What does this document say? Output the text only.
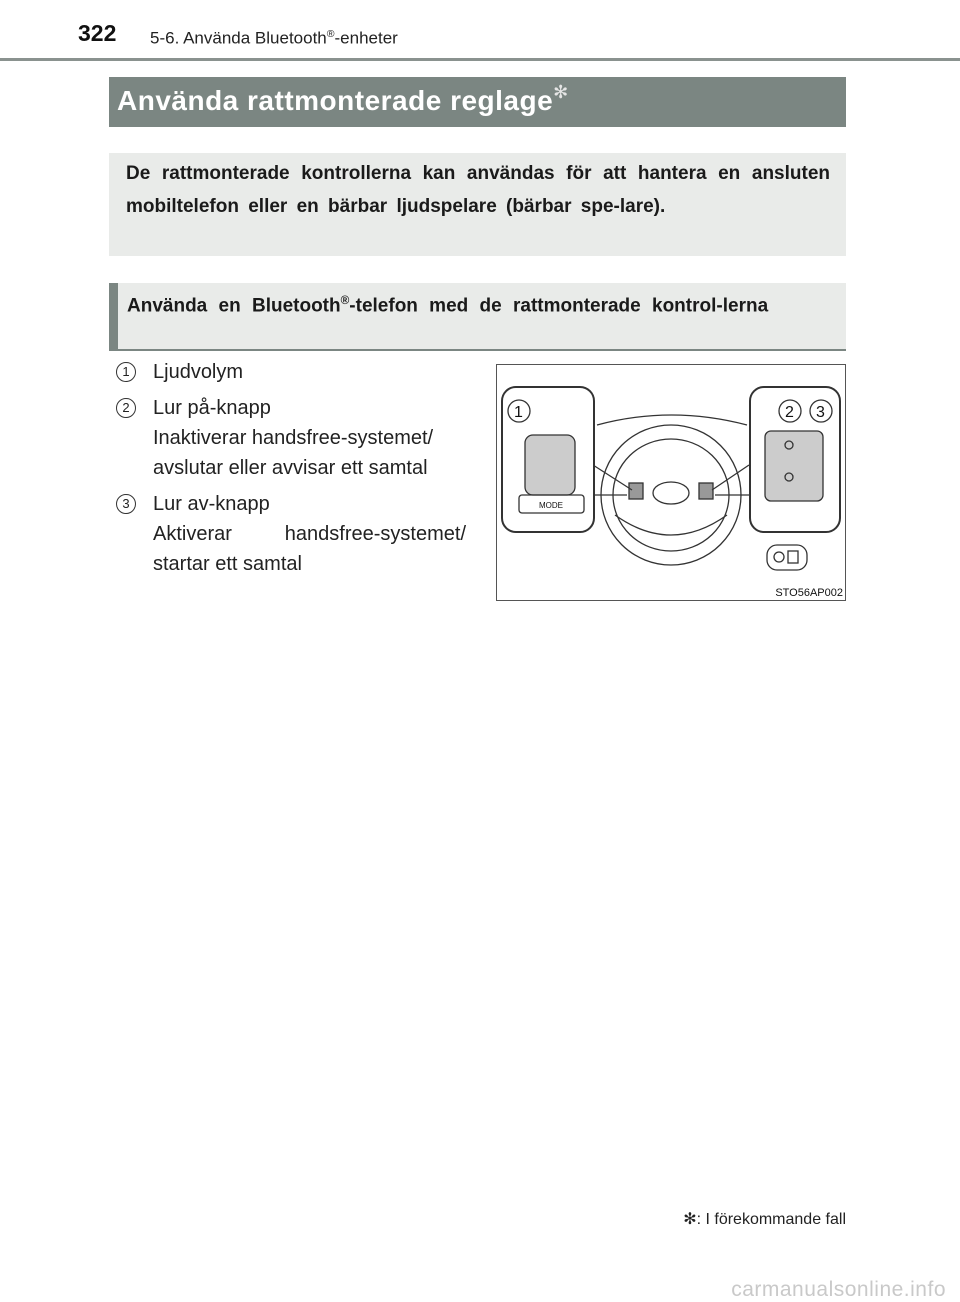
322 5-6. Använda Bluetooth®-enheter
Använda rattmonterade reglage✻
De rattmonterade kontrollerna kan användas för att hantera en ansluten mobiltelefon eller en bärbar ljudspelare (bärbar spe-lare).
Använda en Bluetooth®-telefon med de rattmonterade kontrol-lerna
1	Ljudvolym
2	Lur på-knapp
Inaktiverar handsfree-systemet/
avslutar eller avvisar ett samtal
3	Lur av-knapp
Aktiverar handsfree-systemet/
startar ett samtal
1	2 3
MODE
STO56AP002
✻: I förekommande fall
carmanualsonline.info
